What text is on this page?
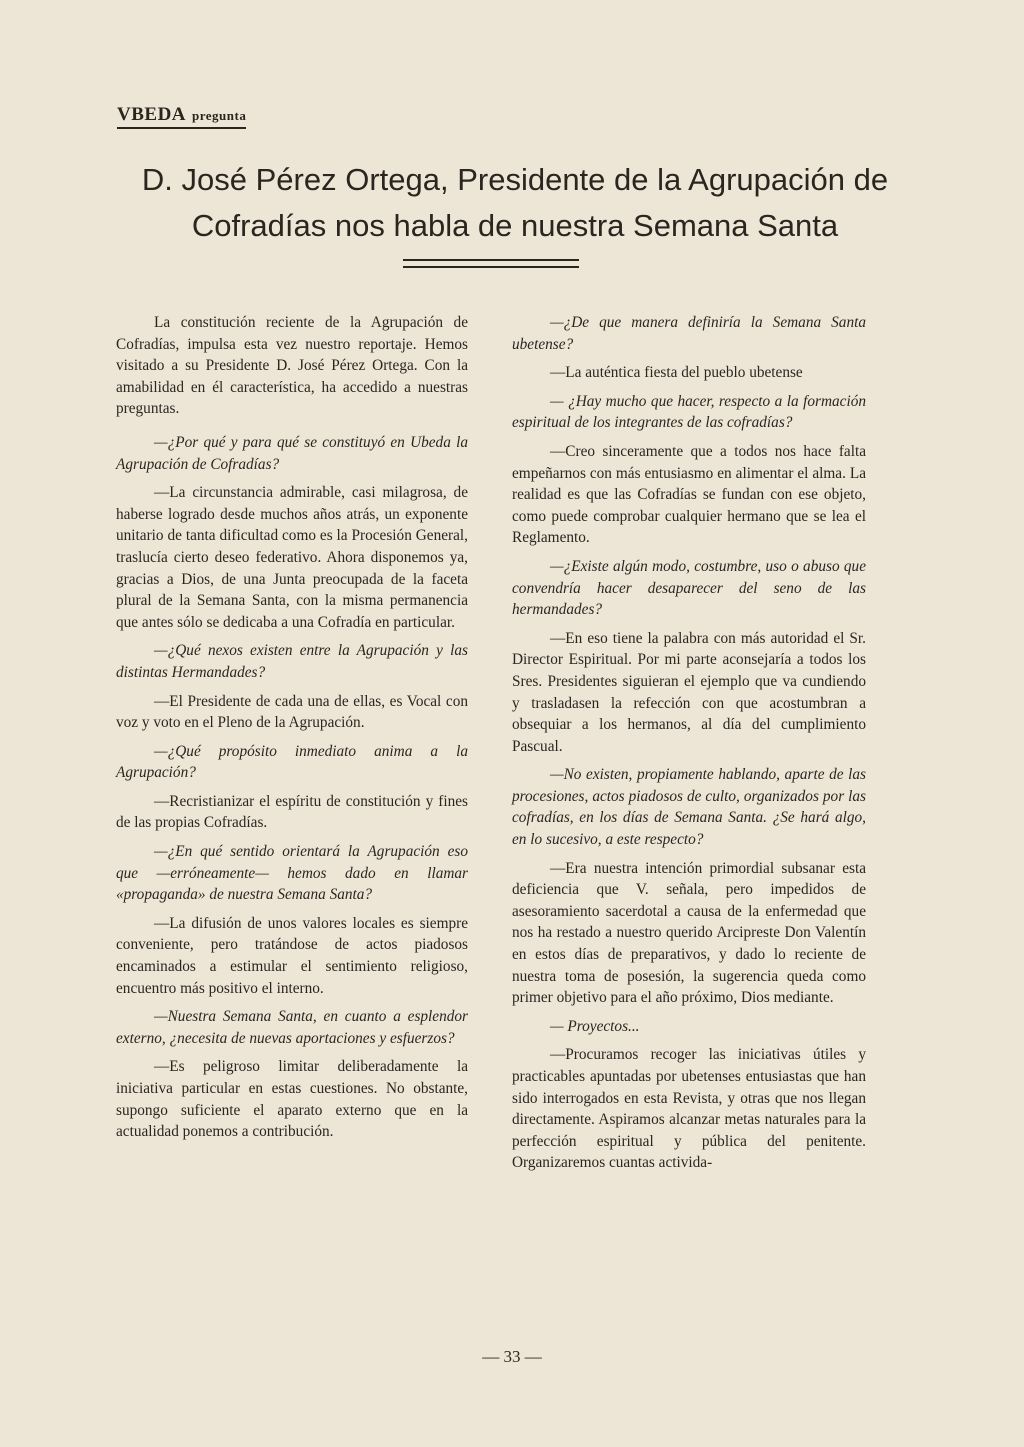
VBEDA pregunta
D. José Pérez Ortega, Presidente de la Agrupación de Cofradías nos habla de nuestra Semana Santa

La constitución reciente de la Agrupación de Cofradías, impulsa esta vez nuestro reportaje. Hemos visitado a su Presidente D. José Pérez Ortega. Con la amabilidad en él característica, ha accedido a nuestras preguntas.

—¿Por qué y para qué se constituyó en Ubeda la Agrupación de Cofradías?

—La circunstancia admirable, casi milagrosa, de haberse logrado desde muchos años atrás, un exponente unitario de tanta dificultad como es la Procesión General, traslucía cierto deseo federativo. Ahora disponemos ya, gracias a Dios, de una Junta preocupada de la faceta plural de la Semana Santa, con la misma permanencia que antes sólo se dedicaba a una Cofradía en particular.

—¿Qué nexos existen entre la Agrupación y las distintas Hermandades?

—El Presidente de cada una de ellas, es Vocal con voz y voto en el Pleno de la Agrupación.

—¿Qué propósito inmediato anima a la Agrupación?

—Recristianizar el espíritu de constitución y fines de las propias Cofradías.

—¿En qué sentido orientará la Agrupación eso que —erróneamente— hemos dado en llamar «propaganda» de nuestra Semana Santa?

—La difusión de unos valores locales es siempre conveniente, pero tratándose de actos piadosos encaminados a estimular el sentimiento religioso, encuentro más positivo el interno.

—Nuestra Semana Santa, en cuanto a esplendor externo, ¿necesita de nuevas aportaciones y esfuerzos?

—Es peligroso limitar deliberadamente la iniciativa particular en estas cuestiones. No obstante, supongo suficiente el aparato externo que en la actualidad ponemos a contribución.

—¿De que manera definiría la Semana Santa ubetense?

—La auténtica fiesta del pueblo ubetense

— ¿Hay mucho que hacer, respecto a la formación espiritual de los integrantes de las cofradías?

—Creo sinceramente que a todos nos hace falta empeñarnos con más entusiasmo en alimentar el alma. La realidad es que las Cofradías se fundan con ese objeto, como puede comprobar cualquier hermano que se lea el Reglamento.

—¿Existe algún modo, costumbre, uso o abuso que convendría hacer desaparecer del seno de las hermandades?

—En eso tiene la palabra con más autoridad el Sr. Director Espiritual. Por mi parte aconsejaría a todos los Sres. Presidentes siguieran el ejemplo que va cundiendo y trasladasen la refección con que acostumbran a obsequiar a los hermanos, al día del cumplimiento Pascual.

—No existen, propiamente hablando, aparte de las procesiones, actos piadosos de culto, organizados por las cofradías, en los días de Semana Santa. ¿Se hará algo, en lo sucesivo, a este respecto?

—Era nuestra intención primordial subsanar esta deficiencia que V. señala, pero impedidos de asesoramiento sacerdotal a causa de la enfermedad que nos ha restado a nuestro querido Arcipreste Don Valentín en estos días de preparativos, y dado lo reciente de nuestra toma de posesión, la sugerencia queda como primer objetivo para el año próximo, Dios mediante.

— Proyectos...

—Procuramos recoger las iniciativas útiles y practicables apuntadas por ubetenses entusiastas que han sido interrogados en esta Revista, y otras que nos llegan directamente. Aspiramos alcanzar metas naturales para la perfección espiritual y pública del penitente. Organizaremos cuantas activida-

— 33 —
